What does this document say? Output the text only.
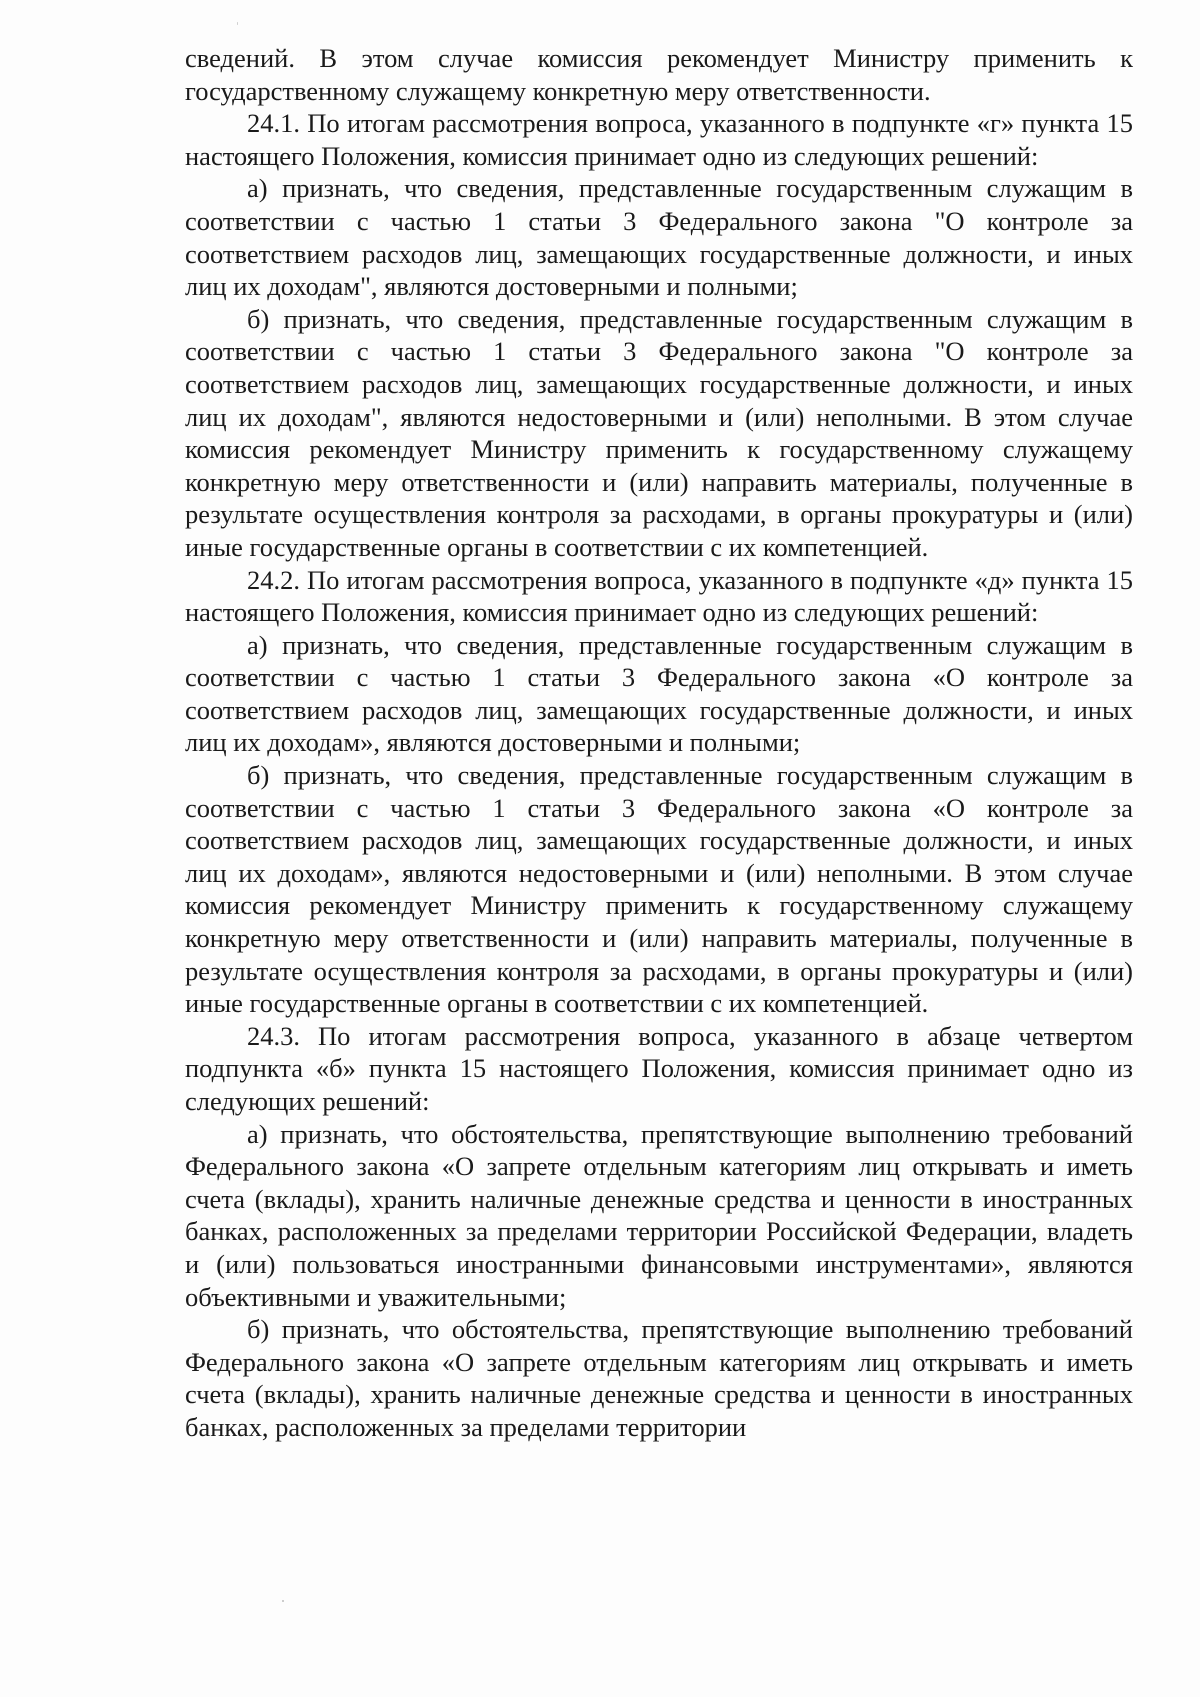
сведений. В этом случае комиссия рекомендует Министру применить к государственному служащему конкретную меру ответственности.

24.1. По итогам рассмотрения вопроса, указанного в подпункте «г» пункта 15 настоящего Положения, комиссия принимает одно из следующих решений:

а) признать, что сведения, представленные государственным служащим в соответствии с частью 1 статьи 3 Федерального закона "О контроле за соответствием расходов лиц, замещающих государственные должности, и иных лиц их доходам", являются достоверными и полными;

б) признать, что сведения, представленные государственным служащим в соответствии с частью 1 статьи 3 Федерального закона "О контроле за соответствием расходов лиц, замещающих государственные должности, и иных лиц их доходам", являются недостоверными и (или) неполными. В этом случае комиссия рекомендует Министру применить к государственному служащему конкретную меру ответственности и (или) направить материалы, полученные в результате осуществления контроля за расходами, в органы прокуратуры и (или) иные государственные органы в соответствии с их компетенцией.

24.2. По итогам рассмотрения вопроса, указанного в подпункте «д» пункта 15 настоящего Положения, комиссия принимает одно из следующих решений:

а) признать, что сведения, представленные государственным служащим в соответствии с частью 1 статьи 3 Федерального закона «О контроле за соответствием расходов лиц, замещающих государственные должности, и иных лиц их доходам», являются достоверными и полными;

б) признать, что сведения, представленные государственным служащим в соответствии с частью 1 статьи 3 Федерального закона «О контроле за соответствием расходов лиц, замещающих государственные должности, и иных лиц их доходам», являются недостоверными и (или) неполными. В этом случае комиссия рекомендует Министру применить к государственному служащему конкретную меру ответственности и (или) направить материалы, полученные в результате осуществления контроля за расходами, в органы прокуратуры и (или) иные государственные органы в соответствии с их компетенцией.

24.3. По итогам рассмотрения вопроса, указанного в абзаце четвертом подпункта «б» пункта 15 настоящего Положения, комиссия принимает одно из следующих решений:

а) признать, что обстоятельства, препятствующие выполнению требований Федерального закона «О запрете отдельным категориям лиц открывать и иметь счета (вклады), хранить наличные денежные средства и ценности в иностранных банках, расположенных за пределами территории Российской Федерации, владеть и (или) пользоваться иностранными финансовыми инструментами», являются объективными и уважительными;

б) признать, что обстоятельства, препятствующие выполнению требований Федерального закона «О запрете отдельным категориям лиц открывать и иметь счета (вклады), хранить наличные денежные средства и ценности в иностранных банках, расположенных за пределами территории
